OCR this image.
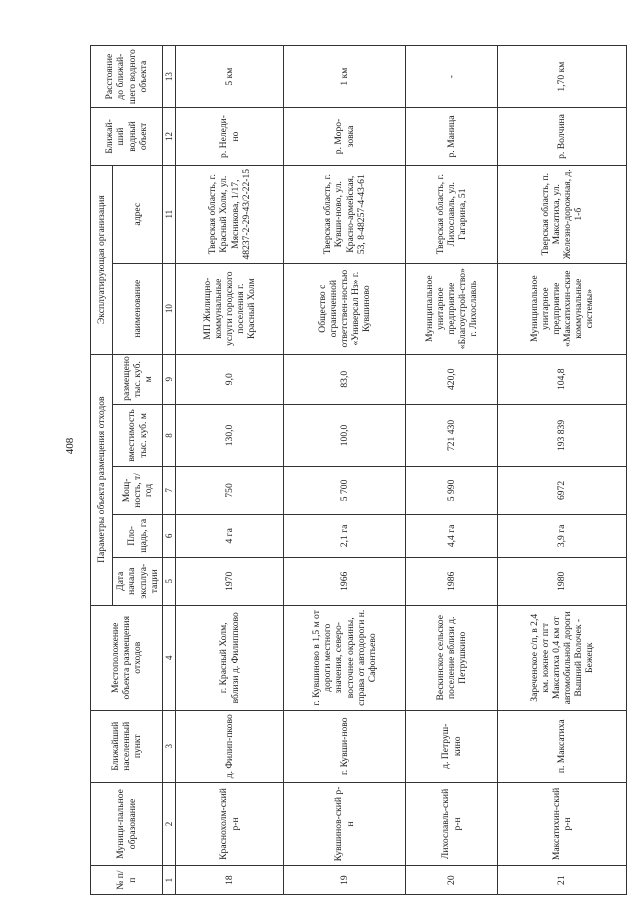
408
№ п/п	Муници-пальное образование	Ближайший населенный пункт	Местоположение объекта размещения отходов	Параметры объекта размещения отходов					Эксплуатирующая организация		Ближай-ший водный объект	Расстояние до ближай-шего водного объекта
				Дата начала эксплуа-тации	Пло-щадь, га	Мощ-ность, т/год	вместимость тыс. куб. м	размещено тыс. куб. м	наименование	адрес		
1	2	3	4	5	6	7	8	9	10	11	12	13
18	Краснохолм-ский р-н	д. Филип-пково	г. Красный Холм, вблизи д. Филиппково	1970	4 га	750	130,0	9,0	МП Жилищно-коммунальные услуги городского поселения г. Красный Холм	Тверская область, г. Красный Холм, ул. Мясникова, 1/17, 48237-2-29-43/2-22-15	р. Неледи-но	5 км
19	Кувшинов-ский р-н	г. Кувши-ново	г. Кувшиново в 1,5 м от дороги местного значения, северо-восточнее окраины, справа от автодороги н. Сафонтьево	1966	2,1 га	5 700	100,0	83,0	Общество с ограниченной ответствен-ностью «Универсал Нз» г. Кувшиново	Тверская область, г. Кувши-ново, ул. Красно-армейская, 53, 8-48257-4-43-61	р. Моро-зовка	1 км
20	Лихославль-ский р-н	д. Петруш-кино	Вескинское сельское поселение вблизи д. Петрушкино	1986	4,4 га	5 990	721 430	420,0	Муниципальное унитарное предприятие «Благоустрой-ство» г. Лихославль	Тверская область, г. Лихославль, ул. Гагарина, 51	р. Маница	-
21	Максатихин-ский р-н	п. Максатиха	Зареченское с/п, в 2,4 км. южнее от пгт Максатиха 0,4 км от автомобильной дороги Вышний Волочек - Бежецк	1980	3,9 га	6972	193 839	104,8	Муниципальное унитарное предприятие «Максатихин-ские коммунальные системы»	Тверская область, п. Максатиха, ул. Железно-дорожная, д. 1-б	р. Волчина	1,70 км
